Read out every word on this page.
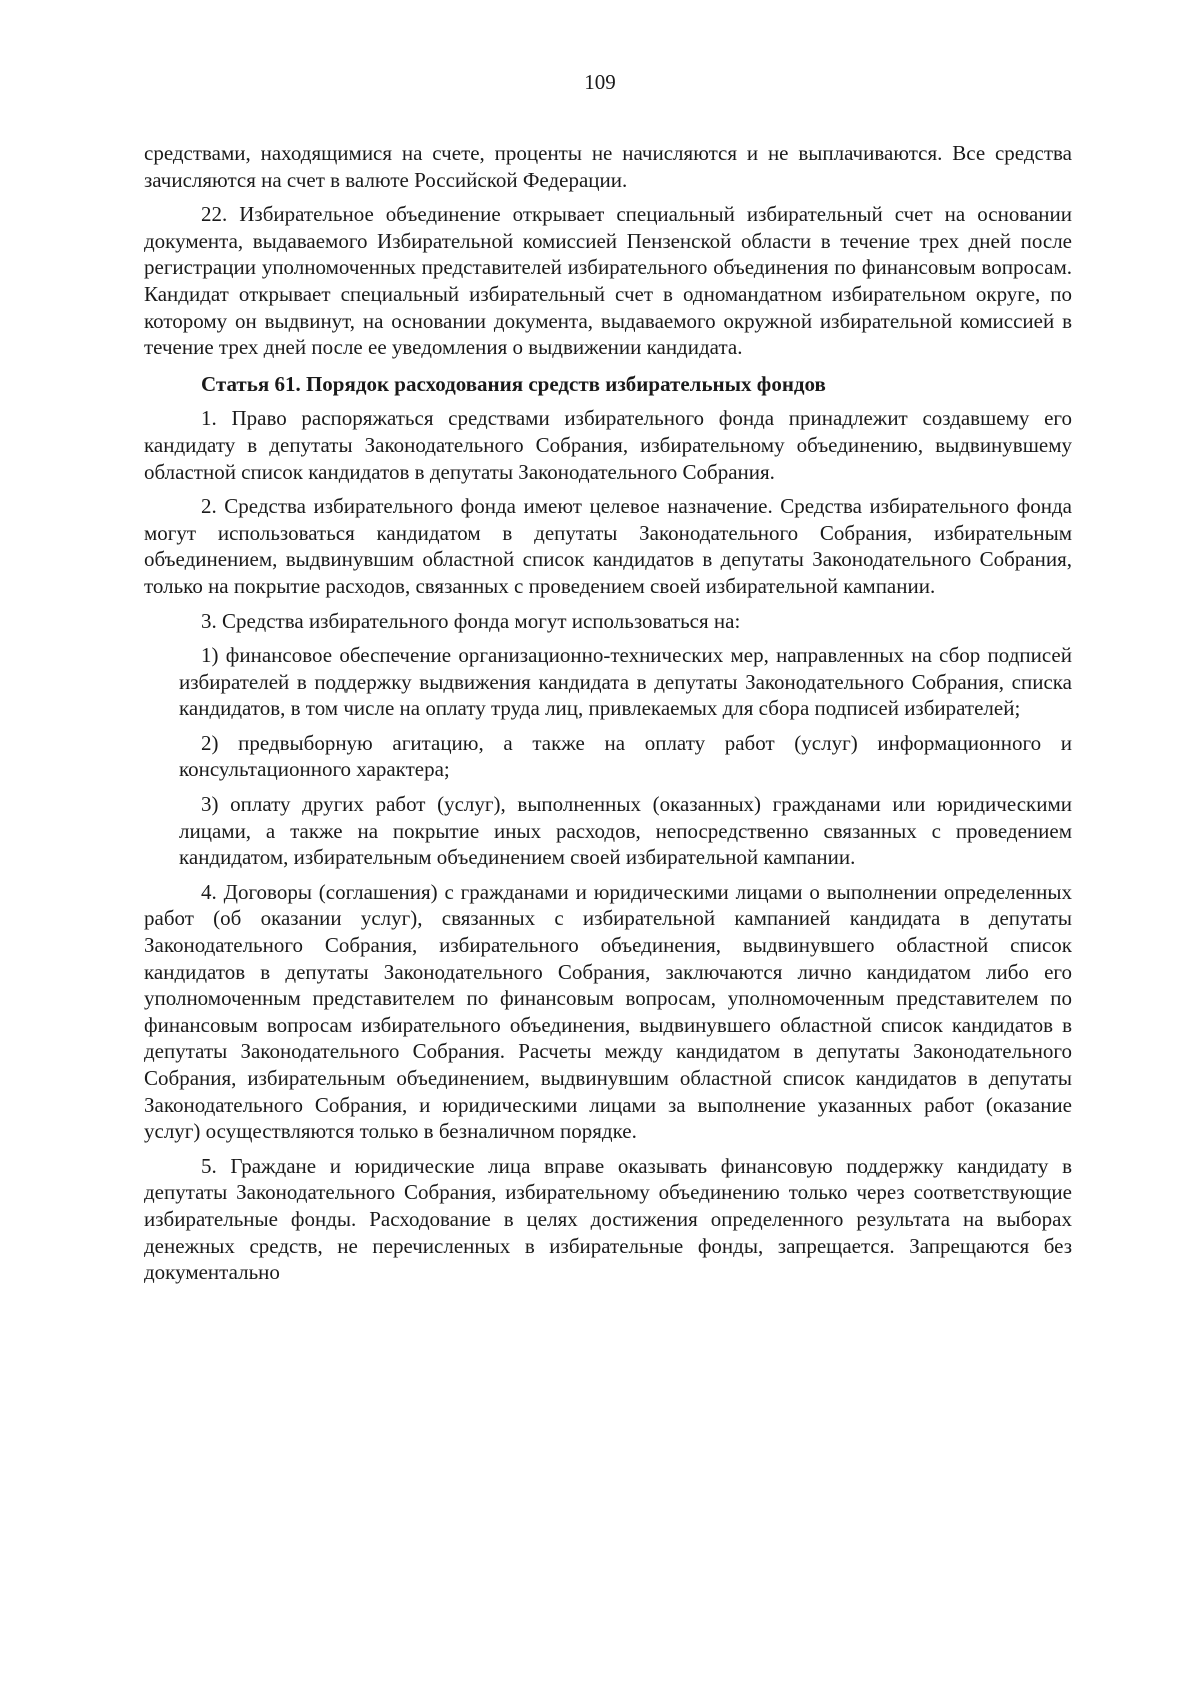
109

средствами, находящимися на счете, проценты не начисляются и не выплачиваются. Все средства зачисляются на счет в валюте Российской Федерации.

22. Избирательное объединение открывает специальный избирательный счет на основании документа, выдаваемого Избирательной комиссией Пензенской области в течение трех дней после регистрации уполномоченных представителей избирательного объединения по финансовым вопросам. Кандидат открывает специальный избирательный счет в одномандатном избирательном округе, по которому он выдвинут, на основании документа, выдаваемого окружной избирательной комиссией в течение трех дней после ее уведомления о выдвижении кандидата.

Статья 61. Порядок расходования средств избирательных фондов

1. Право распоряжаться средствами избирательного фонда принадлежит создавшему его кандидату в депутаты Законодательного Собрания, избирательному объединению, выдвинувшему областной список кандидатов в депутаты Законодательного Собрания.

2. Средства избирательного фонда имеют целевое назначение. Средства избирательного фонда могут использоваться кандидатом в депутаты Законодательного Собрания, избирательным объединением, выдвинувшим областной список кандидатов в депутаты Законодательного Собрания, только на покрытие расходов, связанных с проведением своей избирательной кампании.

3. Средства избирательного фонда могут использоваться на:

1) финансовое обеспечение организационно-технических мер, направленных на сбор подписей избирателей в поддержку выдвижения кандидата в депутаты Законодательного Собрания, списка кандидатов, в том числе на оплату труда лиц, привлекаемых для сбора подписей избирателей;

2) предвыборную агитацию, а также на оплату работ (услуг) информационного и консультационного характера;

3) оплату других работ (услуг), выполненных (оказанных) гражданами или юридическими лицами, а также на покрытие иных расходов, непосредственно связанных с проведением кандидатом, избирательным объединением своей избирательной кампании.

4. Договоры (соглашения) с гражданами и юридическими лицами о выполнении определенных работ (об оказании услуг), связанных с избирательной кампанией кандидата в депутаты Законодательного Собрания, избирательного объединения, выдвинувшего областной список кандидатов в депутаты Законодательного Собрания, заключаются лично кандидатом либо его уполномоченным представителем по финансовым вопросам, уполномоченным представителем по финансовым вопросам избирательного объединения, выдвинувшего областной список кандидатов в депутаты Законодательного Собрания. Расчеты между кандидатом в депутаты Законодательного Собрания, избирательным объединением, выдвинувшим областной список кандидатов в депутаты Законодательного Собрания, и юридическими лицами за выполнение указанных работ (оказание услуг) осуществляются только в безналичном порядке.

5. Граждане и юридические лица вправе оказывать финансовую поддержку кандидату в депутаты Законодательного Собрания, избирательному объединению только через соответствующие избирательные фонды. Расходование в целях достижения определенного результата на выборах денежных средств, не перечисленных в избирательные фонды, запрещается. Запрещаются без документально
